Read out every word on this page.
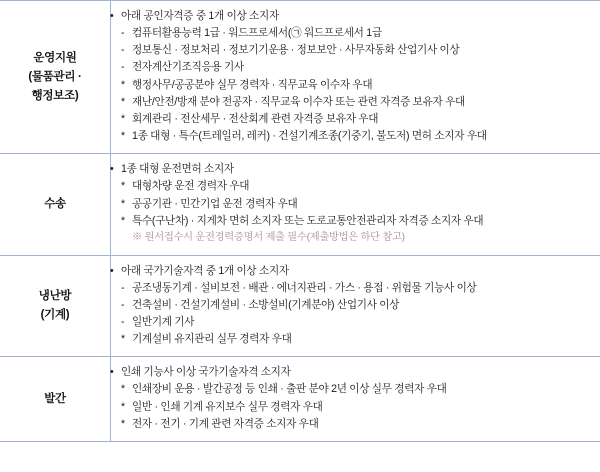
운영지원
(물품관리 ·
행정보조)

• 아래 공인자격증 중 1개 이상 소지자
- 컴퓨터활용능력 1급 · 워드프로세서(㉠ 워드프로세서 1급
- 정보통신 · 정보처리 · 정보기기운용 · 정보보안 · 사무자동화 산업기사 이상
- 전자계산기조직응용 기사
* 행정사무/공공분야 실무 경력자 · 직무교육 이수자 우대
* 재난/안전/방재 분야 전공자 · 직무교육 이수자 또는 관련 자격증 보유자 우대
* 회계관리 · 전산세무 · 전산회계 관련 자격증 보유자 우대
* 1종 대형 · 특수(트레일러, 레커) · 건설기계조종(기중기, 불도저) 면허 소지자 우대

수송	• 1종 대형 운전면허 소지자
* 대형차량 운전 경력자 우대
* 공공기관 · 민간기업 운전 경력자 우대
* 특수(구난차) · 지게차 면허 소지자 또는 도로교통안전관리자 자격증 소지자 우대
※ 원서접수시 운전경력증명서 제출 필수(제출방법은 하단 참고)

냉난방
(기계)	• 아래 국가기술자격 중 1개 이상 소지자
- 공조냉동기계 · 설비보전 · 배관 · 에너지관리 · 가스 · 용접 · 위험물 기능사 이상
- 건축설비 · 건설기계설비 · 소방설비(기계분야) 산업기사 이상
- 일반기계 기사
* 기계설비 유지관리 실무 경력자 우대

발간	• 인쇄 기능사 이상 국가기술자격 소지자
* 인쇄장비 운용 · 발간공정 등 인쇄 · 출판 분야 2년 이상 실무 경력자 우대
* 일반 · 인쇄 기계 유지보수 실무 경력자 우대
* 전자 · 전기 · 기계 관련 자격증 소지자 우대
